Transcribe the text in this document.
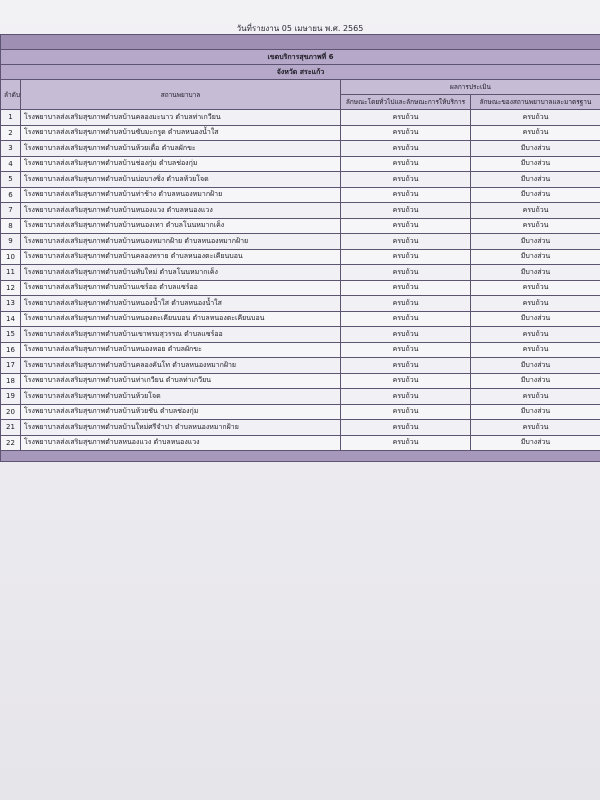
วันที่รายงาน 05 เมษายน พ.ศ. 2565

เขตบริการสุขภาพที่ 6			
จังหวัด สระแก้ว			
ลำดับ	สถานพยาบาล	ผลการประเมิน	
		ลักษณะโดยทั่วไปและลักษณะการให้บริการ	ลักษณะของสถานพยาบาลและมาตรฐาน
1	โรงพยาบาลส่งเสริมสุขภาพตำบลบ้านคลองมะนาว ตำบลท่าเกวียน	ครบถ้วน	ครบถ้วน
2	โรงพยาบาลส่งเสริมสุขภาพตำบลบ้านซับมะกรูด ตำบลหนองน้ำใส	ครบถ้วน	ครบถ้วน
3	โรงพยาบาลส่งเสริมสุขภาพตำบลบ้านห้วยเดื่อ ตำบลผักขะ	ครบถ้วน	มีบางส่วน
4	โรงพยาบาลส่งเสริมสุขภาพตำบลบ้านช่องกุ่ม ตำบลช่องกุ่ม	ครบถ้วน	มีบางส่วน
5	โรงพยาบาลส่งเสริมสุขภาพตำบลบ้านบ่อบางซิ่ง ตำบลห้วยโจด	ครบถ้วน	มีบางส่วน
6	โรงพยาบาลส่งเสริมสุขภาพตำบลบ้านท่าช้าง ตำบลหนองหมากฝ้าย	ครบถ้วน	มีบางส่วน
7	โรงพยาบาลส่งเสริมสุขภาพตำบลบ้านหนองแวง ตำบลหนองแวง	ครบถ้วน	ครบถ้วน
8	โรงพยาบาลส่งเสริมสุขภาพตำบลบ้านหนองเทา ตำบลโนนหมากเค็ง	ครบถ้วน	ครบถ้วน
9	โรงพยาบาลส่งเสริมสุขภาพตำบลบ้านหนองหมากฝ้าย ตำบลหนองหมากฝ้าย	ครบถ้วน	มีบางส่วน
10	โรงพยาบาลส่งเสริมสุขภาพตำบลบ้านคลองทราย ตำบลหนองตะเคียนบอน	ครบถ้วน	มีบางส่วน
11	โรงพยาบาลส่งเสริมสุขภาพตำบลบ้านทับใหม่ ตำบลโนนหมากเค็ง	ครบถ้วน	มีบางส่วน
12	โรงพยาบาลส่งเสริมสุขภาพตำบลบ้านแซร์ออ ตำบลแซร์ออ	ครบถ้วน	ครบถ้วน
13	โรงพยาบาลส่งเสริมสุขภาพตำบลบ้านหนองน้ำใส ตำบลหนองน้ำใส	ครบถ้วน	ครบถ้วน
14	โรงพยาบาลส่งเสริมสุขภาพตำบลบ้านหนองตะเคียนบอน ตำบลหนองตะเคียนบอน	ครบถ้วน	มีบางส่วน
15	โรงพยาบาลส่งเสริมสุขภาพตำบลบ้านเขาพรมสุวรรณ ตำบลแซร์ออ	ครบถ้วน	ครบถ้วน
16	โรงพยาบาลส่งเสริมสุขภาพตำบลบ้านหนองหอย ตำบลผักขะ	ครบถ้วน	ครบถ้วน
17	โรงพยาบาลส่งเสริมสุขภาพตำบลบ้านคลองคันโท ตำบลหนองหมากฝ้าย	ครบถ้วน	มีบางส่วน
18	โรงพยาบาลส่งเสริมสุขภาพตำบลบ้านท่าเกวียน ตำบลท่าเกวียน	ครบถ้วน	มีบางส่วน
19	โรงพยาบาลส่งเสริมสุขภาพตำบลบ้านห้วยโจด	ครบถ้วน	ครบถ้วน
20	โรงพยาบาลส่งเสริมสุขภาพตำบลบ้านห้วยชัน ตำบลช่องกุ่ม	ครบถ้วน	มีบางส่วน
21	โรงพยาบาลส่งเสริมสุขภาพตำบลบ้านใหม่ศรีจำปา ตำบลหนองหมากฝ้าย	ครบถ้วน	ครบถ้วน
22	โรงพยาบาลส่งเสริมสุขภาพตำบลหนองแวง ตำบลหนองแวง	ครบถ้วน	มีบางส่วน
